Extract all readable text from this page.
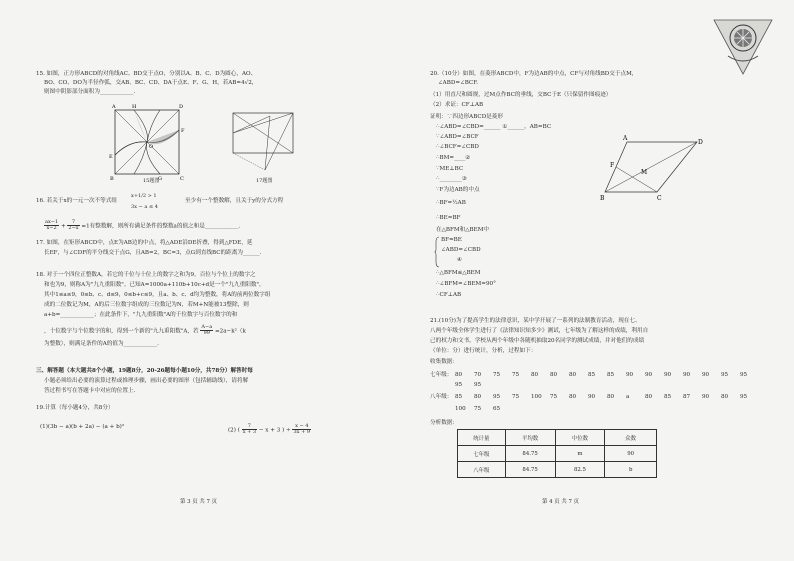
15. 如图，正方形ABCD的对角线AC、BD交于点O，分别以A、B、C、D为圆心，AO、
BO、CO、DO为半径作弧，交AB、BC、CD、DA于点E、F、G、H，若AB=4√2，
则图中阴影部分面积为____________.
A	H	D
O
E
B	G	C
F
15题图	17题图
16. 若关于x的一元一次不等式组
x+1/2 > 1
3x − a ≤ 4
至少有一个整数解，且关于y的分式方程
$\frac{ax-1}{x-2} + \frac{7}{2-x} =1$有整数解，则所有满足条件的整数a的值之和是____________.
17. 如图，在矩形ABCD中，点E为AB边的中点，将△ADE沿DE折叠，得到△FDE，延
长EF，与∠CDF的平分线交于点G，且AB=2，BC=3，点G到直线BC的距离为______.
18. 对于一个四位正整数A，若它的千位与十位上的数字之和为9，百位与个位上的数字之
和也为9，则称A为"九九重阳数"。已知A=1000a+110b+10c+d是一个"九九重阳数"，
其中1≤a≤9，0≤b、c、d≤9，0≤b+c≤9，且a、b、c、d均为整数，将A的前两位数字组
成的二位数记为M，A的后三位数字组成的三位数记为N，若M+N能被13整除，则
a+b=____________；在此条件下，"九九重阳数"A的千位数字与百位数字的和
，十位数字与个位数字的和，得到一个新的"九九重阳数"A，若 $\frac{A-a}{99} =2a-k^2(k$
为整数），则满足条件的A的值为____________.
三、解答题（本大题共8个小题，19题8分，20-26题每小题10分，共78分）解答时每
小题必须给出必要的演算过程或推理步骤，画出必要的图形（包括辅助线），请将解
答过程书写在答题卡中对应的位置上.
19.计算（每小题4分，共8分）
(1)(3b − a)(b + 2a) − (a + b)²
(2) ( $\frac{7}{x + 3} - x + 3$ ) ÷ $\frac{x - 4}{3x + 9}$
第 3 页 共 7 页
20.（10分）如图，在菱形ABCD中，F为边AB的中点，CF与对角线BD交于点M，
∠ABD=∠BCF.
（1）用直尺和圆规，过M点作BC的垂线，交BC于E（只保留作图痕迹）
（2）求证：CF⊥AB
证明：∵四边形ABCD是菱形
∴∠ABD=∠CBD=______ ①______，AB=BC
∵∠ABD=∠BCF
∴∠BCF=∠CBD
∴BM=____②
∵ME⊥BC
∴________③
∵F为边AB的中点
∴BF=½AB
∴BE=BF
在△BFM和△BEM中
BF=BE
∠ABD=∠CBD
④
∴△BFM≌△BEM
∴∠BFM=∠BEM=90°
∴CF⊥AB
A
D
F
M
B	C
21.(10分)为了提高学生的法律意识，某中学开展了一系列的法制教育活动，现在七、
八两个年级全体学生进行了《法律知识知多少》测试，七年级为了解这样的成绩，利用自
己的权力和文书，学校从两个年级中各随机抽取20名同学的测试成绩，并对他们的成绩
（单位：分）进行统计，分析，过程如下：
收集数据：
七年级： 80 70 75 75 80 80 80 85 85 90 90 90 90 90 95 95
95 95
八年级： 85 80 95 75 100 75 80 90 80 a	80 85 87 90 80 95
100 75 65
分析数据：
统计量	平均数	中位数	众数
七年级	84.75	m	90
八年级	84.75	82.5	b
第 4 页 共 7 页
